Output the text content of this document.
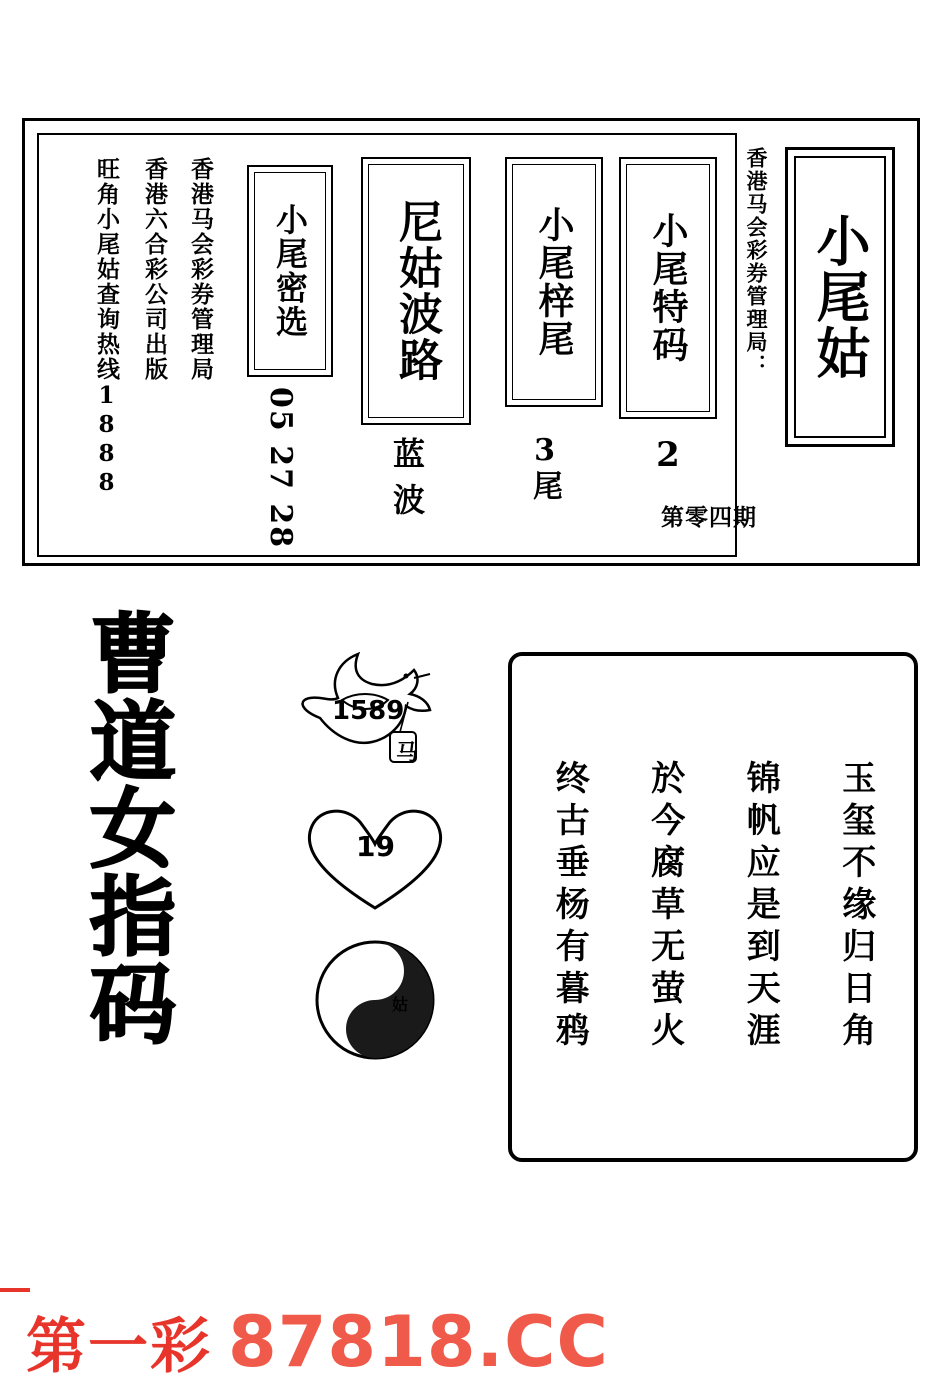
小尾姑
香港马会彩券管理局：
第零四期
香港马会彩券管理局
香港六合彩公司出版
旺角小尾姑查询热线1888	小尾特码
2
小尾梓尾
3尾
尼姑波路
蓝波
小尾密选
05 27 28
曹
道
女
指
码
1589
马
19
28
姑	玉玺不缘归日角
锦帆应是到天涯
於今腐草无萤火
终古垂杨有暮鸦
第一彩 87818.CC
